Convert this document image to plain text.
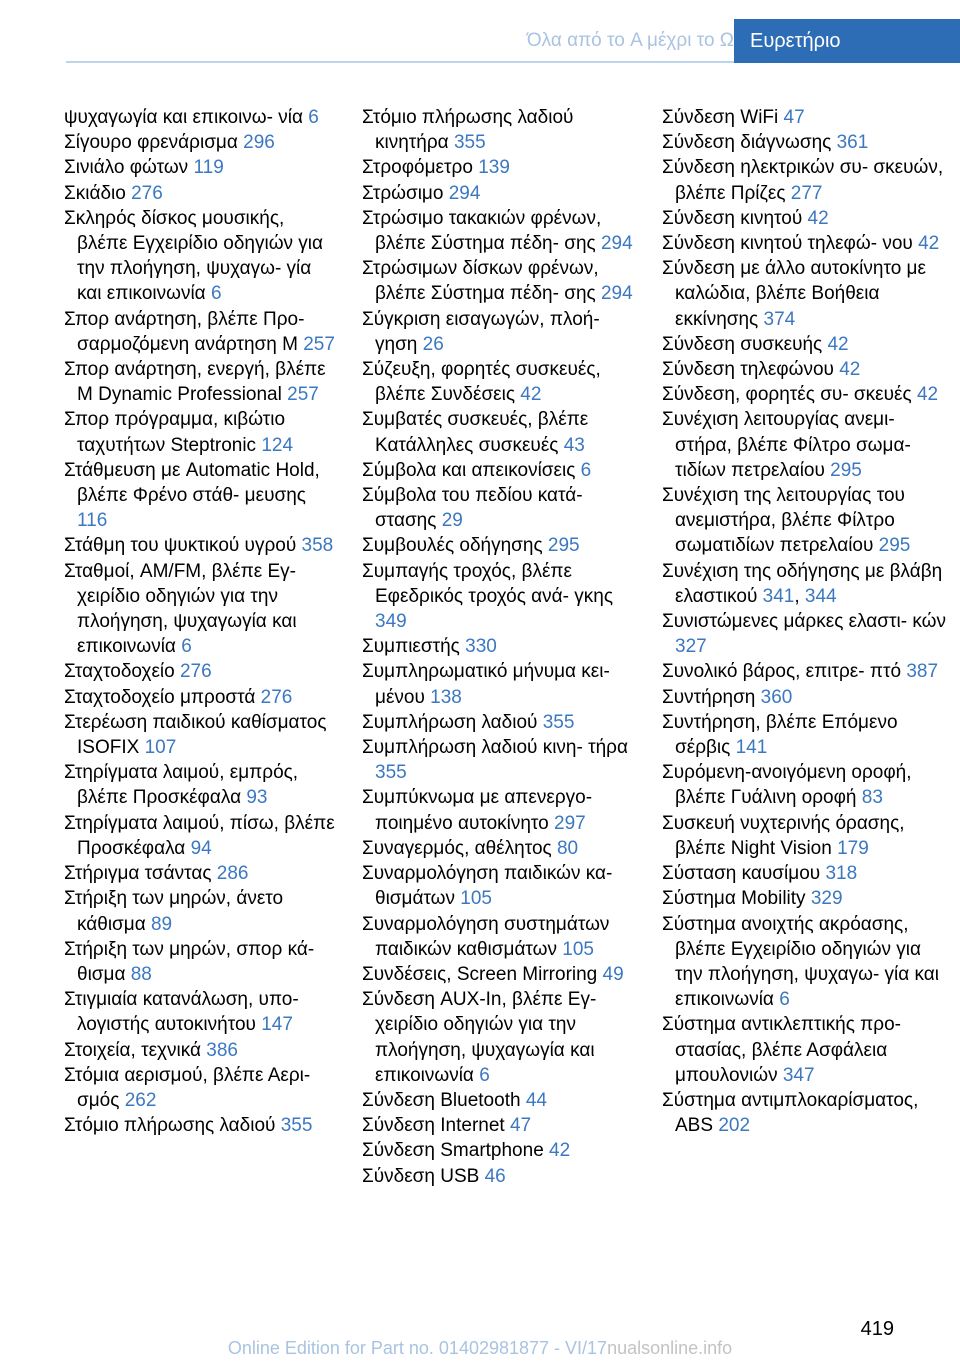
Όλα από το A μέχρι το Ω Ευρετήριο
ψυχαγωγία και επικοινω- νία 6
Σίγουρο φρενάρισμα 296
Σινιάλο φώτων 119
Σκιάδιο 276
Σκληρός δίσκος μουσικής, βλέπε Εγχειρίδιο οδηγιών για την πλοήγηση, ψυχαγω- γία και επικοινωνία 6
Σπορ ανάρτηση, βλέπε Προ- σαρμοζόμενη ανάρτηση M 257
Σπορ ανάρτηση, ενεργή, βλέπε M Dynamic Professional 257
Σπορ πρόγραμμα, κιβώτιο ταχυτήτων Steptronic 124
Στάθμευση με Automatic Hold, βλέπε Φρένο στάθ- μευσης 116
Στάθμη του ψυκτικού υγρού 358
Σταθμοί, AM/FM, βλέπε Εγ- χειρίδιο οδηγιών για την πλοήγηση, ψυχαγωγία και επικοινωνία 6
Σταχτοδοχείο 276
Σταχτοδοχείο μπροστά 276
Στερέωση παιδικού καθίσματος ISOFIX 107
Στηρίγματα λαιμού, εμπρός, βλέπε Προσκέφαλα 93
Στηρίγματα λαιμού, πίσω, βλέπε Προσκέφαλα 94
Στήριγμα τσάντας 286
Στήριξη των μηρών, άνετο κάθισμα 89
Στήριξη των μηρών, σπορ κά- θισμα 88
Στιγμιαία κατανάλωση, υπο- λογιστής αυτοκινήτου 147
Στοιχεία, τεχνικά 386
Στόμια αερισμού, βλέπε Αερι- σμός 262
Στόμιο πλήρωσης λαδιού 355
Στόμιο πλήρωσης λαδιού κινητήρα 355
Στροφόμετρο 139
Στρώσιμο 294
Στρώσιμο τακακιών φρένων, βλέπε Σύστημα πέδη- σης 294
Στρώσιμων δίσκων φρένων, βλέπε Σύστημα πέδη- σης 294
Σύγκριση εισαγωγών, πλοή- γηση 26
Σύζευξη, φορητές συσκευές, βλέπε Συνδέσεις 42
Συμβατές συσκευές, βλέπε Κατάλληλες συσκευές 43
Σύμβολα και απεικονίσεις 6
Σύμβολα του πεδίου κατά- στασης 29
Συμβουλές οδήγησης 295
Συμπαγής τροχός, βλέπε Εφεδρικός τροχός ανά- γκης 349
Συμπιεστής 330
Συμπληρωματικό μήνυμα κει- μένου 138
Συμπλήρωση λαδιού 355
Συμπλήρωση λαδιού κινη- τήρα 355
Συμπύκνωμα με απενεργο- ποιημένο αυτοκίνητο 297
Συναγερμός, αθέλητος 80
Συναρμολόγηση παιδικών κα- θισμάτων 105
Συναρμολόγηση συστημάτων παιδικών καθισμάτων 105
Συνδέσεις, Screen Mirroring 49
Σύνδεση AUX-In, βλέπε Εγ- χειρίδιο οδηγιών για την πλοήγηση, ψυχαγωγία και επικοινωνία 6
Σύνδεση Bluetooth 44
Σύνδεση Internet 47
Σύνδεση Smartphone 42
Σύνδεση USB 46
Σύνδεση WiFi 47
Σύνδεση διάγνωσης 361
Σύνδεση ηλεκτρικών συ- σκευών, βλέπε Πρίζες 277
Σύνδεση κινητού 42
Σύνδεση κινητού τηλεφώ- νου 42
Σύνδεση με άλλο αυτοκίνητο με καλώδια, βλέπε Βοήθεια εκκίνησης 374
Σύνδεση συσκευής 42
Σύνδεση τηλεφώνου 42
Σύνδεση, φορητές συ- σκευές 42
Συνέχιση λειτουργίας ανεμι- στήρα, βλέπε Φίλτρο σωμα- τιδίων πετρελαίου 295
Συνέχιση της λειτουργίας του ανεμιστήρα, βλέπε Φίλτρο σωματιδίων πετρελαίου 295
Συνέχιση της οδήγησης με βλάβη ελαστικού 341, 344
Συνιστώμενες μάρκες ελαστι- κών 327
Συνολικό βάρος, επιτρε- πτό 387
Συντήρηση 360
Συντήρηση, βλέπε Επόμενο σέρβις 141
Συρόμενη-ανοιγόμενη οροφή, βλέπε Γυάλινη οροφή 83
Συσκευή νυχτερινής όρασης, βλέπε Night Vision 179
Σύσταση καυσίμου 318
Σύστημα Mobility 329
Σύστημα ανοιχτής ακρόασης, βλέπε Εγχειρίδιο οδηγιών για την πλοήγηση, ψυχαγω- γία και επικοινωνία 6
Σύστημα αντικλεπτικής προ- στασίας, βλέπε Ασφάλεια μπουλονιών 347
Σύστημα αντιμπλοκαρίσματος, ABS 202
419
Online Edition for Part no. 01402981877 - VI/17nualsonline.info
